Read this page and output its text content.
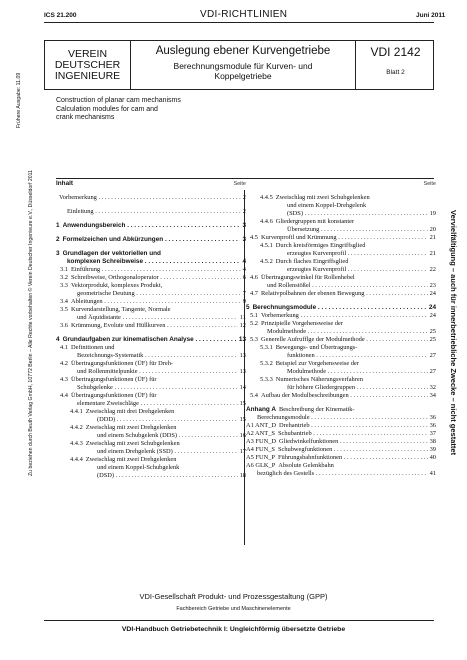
ICS 21.200	VDI-RICHTLINIEN	Juni 2011
VEREIN
DEUTSCHER
INGENIEURE
Auslegung ebener Kurvengetriebe
Berechnungsmodule für Kurven- und
Koppelgetriebe
VDI 2142
Blatt 2
Construction of planar cam mechanisms
Calculation modules for cam and
crank mechanisms
Frühere Ausgabe: 11.09
Zu beziehen durch Beuth Verlag GmbH, 10772 Berlin – Alle Rechte vorbehalten © Verein Deutscher Ingenieure e.V., Düsseldorf 2011	Vervielfältigung – auch für innerbetriebliche Zwecke – nicht gestattet
Inhalt	Seite
Vorbemerkung . . .	2
Einleitung . . .	2
1 Anwendungsbereich . . .	3
2 Formelzeichen und Abkürzungen . . .	3
3 Grundlagen der vektoriellen und
komplexen Schreibweise . . .	4
3.1 Einführung . . .	4
3.2 Schreibweise, Orthogonaloperator . . .	6
3.3 Vektorprodukt, komplexes Produkt,
geometrische Deutung . . .	7
3.4 Ableitungen . . .	9
3.5 Kurvendarstellung, Tangente, Normale
und Äquidistante . . .	11
3.6 Krümmung, Evolute und Hüllkurven . . .	12
4 Grundaufgaben zur kinematischen Analyse . . .	13
4.1 Definitionen und
Bezeichnungs-Systematik . . .	13
4.2 Übertragungsfunktionen (ÜF) für Dreh-
und Rollenmittelpunkte . . .	13
4.3 Übertragungsfunktionen (ÜF) für
Schubgelenke . . .	14
4.4 Übertragungsfunktionen (ÜF) für
elementare Zweischläge . . .	15
4.4.1 Zweischlag mit drei Drehgelenken
(DDD) . . .	15
4.4.2 Zweischlag mit zwei Drehgelenken
und einem Schubgelenk (DDS) . . .	16
4.4.3 Zweischlag mit zwei Schubgelenken
und einem Drehgelenk (SSD) . . .	17
4.4.4 Zweischlag mit zwei Drehgelenken
und einem Koppel-Schubgelenk
(DSD) . . .	18
Seite
4.4.5 Zweischlag mit zwei Schubgelenken
und einem Koppel-Drehgelenk
(SDS) . . .	19
4.4.6 Gliedergruppen mit konstanter
Übersetzung . . .	20
4.5 Kurvenprofil und Krümmung . . .	21
4.5.1 Durch kreisförmiges Eingriffsglied
erzeugtes Kurvenprofil . . .	21
4.5.2 Durch flaches Eingriffsglied
erzeugtes Kurvenprofil . . .	22
4.6 Übertragungswinkel für Rollenhebel
und Rollenstößel . . .	23
4.7 Relativpolbahnen der ebenen Bewegung . . .	24
5 Berechnungsmodule . . .	24
5.1 Vorbemerkung . . .	24
5.2 Prinzipielle Vorgehensweise der
Modulmethode . . .	25
5.3 Generelle Aufrufflge der Modulmethode . . .	25
5.3.1 Bewegungs- und Übertragungs-
funktionen . . .	27
5.3.2 Beispiel zur Vorgehensweise der
Modulmethode . . .	27
5.3.3 Numerisches Näherungsverfahren
für höhere Gliedergruppen . . .	32
5.4 Aufbau der Modulbeschreibungen . . .	34
Anhang A Beschreibung der Kinematik-
Berechnungsmodule . . .	36
A1 ANT_D Drehantrieb . . .	36
A2 ANT_S Schubantrieb . . .	37
A3 FUN_D Gliedwinkelfunktionen . . .	38
A4 FUN_S Schubwegfunktionen . . .	39
A5 FUN_P Führungsbahnfunktionen . . .	40
A6 GLK_P Absolute Gelenkbahn
bezüglich des Gestells . . .	41
VDI-Gesellschaft Produkt- und Prozessgestaltung (GPP)
Fachbereich Getriebe und Maschinenelemente
VDI-Handbuch Getriebetechnik I: Ungleichförmig übersetzte Getriebe
